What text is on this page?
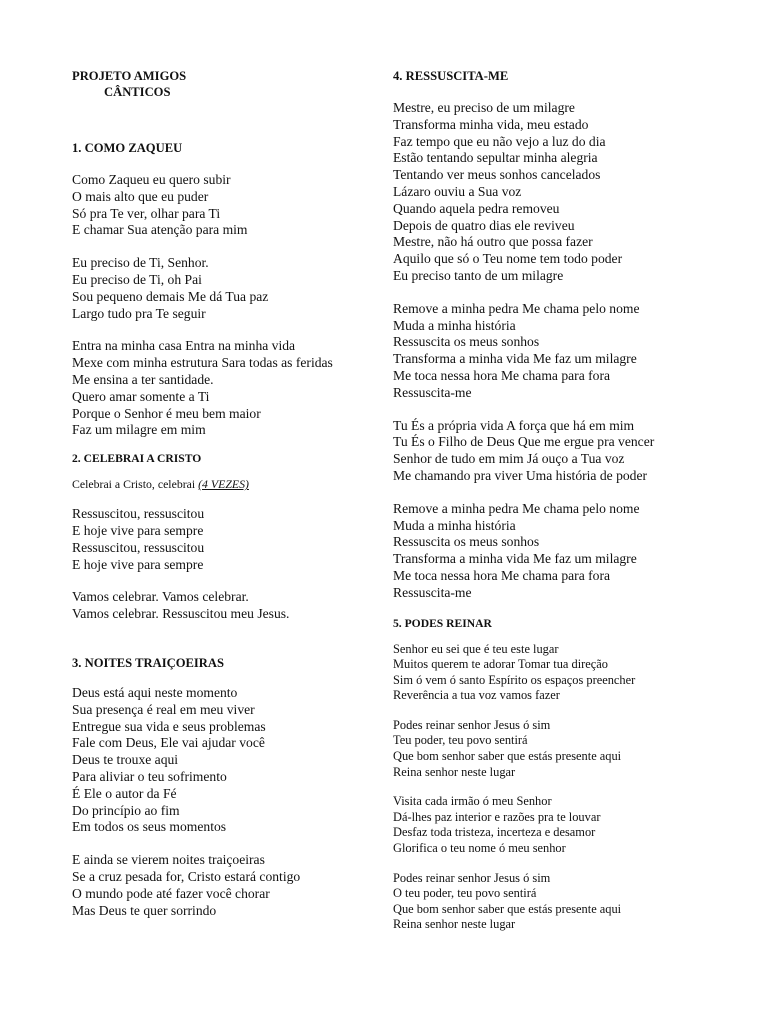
PROJETO AMIGOS
CÂNTICOS
1. COMO ZAQUEU
Como Zaqueu eu quero subir
O mais alto que eu puder
Só pra Te ver, olhar para Ti
E chamar Sua atenção para mim
Eu preciso de Ti, Senhor.
Eu preciso de Ti, oh Pai
Sou pequeno demais Me dá Tua paz
Largo tudo pra Te seguir
Entra na minha casa Entra na minha vida
Mexe com minha estrutura Sara todas as feridas
Me ensina a ter santidade.
Quero amar somente a Ti
Porque o Senhor é meu bem maior
Faz um milagre em mim
2. CELEBRAI A CRISTO
Celebrai a Cristo, celebrai (4 VEZES)
Ressuscitou, ressuscitou
E hoje vive para sempre
Ressuscitou, ressuscitou
E hoje vive para sempre
Vamos celebrar. Vamos celebrar.
Vamos celebrar. Ressuscitou meu Jesus.
3. NOITES TRAIÇOEIRAS
Deus está aqui neste momento
Sua presença é real em meu viver
Entregue sua vida e seus problemas
Fale com Deus, Ele vai ajudar você
Deus te trouxe aqui
Para aliviar o teu sofrimento
É Ele o autor da Fé
Do princípio ao fim
Em todos os seus momentos
E ainda se vierem noites traiçoeiras
Se a cruz pesada for, Cristo estará contigo
O mundo pode até fazer você chorar
Mas Deus te quer sorrindo
4. RESSUSCITA-ME
Mestre, eu preciso de um milagre
Transforma minha vida, meu estado
Faz tempo que eu não vejo a luz do dia
Estão tentando sepultar minha alegria
Tentando ver meus sonhos cancelados
Lázaro ouviu a Sua voz
Quando aquela pedra removeu
Depois de quatro dias ele reviveu
Mestre, não há outro que possa fazer
Aquilo que só o Teu nome tem todo poder
Eu preciso tanto de um milagre
Remove a minha pedra Me chama pelo nome
Muda a minha história
Ressuscita os meus sonhos
Transforma a minha vida Me faz um milagre
Me toca nessa hora Me chama para fora
Ressuscita-me
Tu És a própria vida A força que há em mim
Tu És o Filho de Deus Que me ergue pra vencer
Senhor de tudo em mim Já ouço a Tua voz
Me chamando pra viver Uma história de poder
Remove a minha pedra Me chama pelo nome
Muda a minha história
Ressuscita os meus sonhos
Transforma a minha vida Me faz um milagre
Me toca nessa hora Me chama para fora
Ressuscita-me
5. PODES REINAR
Senhor eu sei que é teu este lugar
Muitos querem te adorar Tomar tua direção
Sim ó vem ó santo Espírito os espaços preencher
Reverência a tua voz vamos fazer
Podes reinar senhor Jesus ó sim
Teu poder, teu povo sentirá
Que bom senhor saber que estás presente aqui
Reina senhor neste lugar
Visita cada irmão ó meu Senhor
Dá-lhes paz interior e razões pra te louvar
Desfaz toda tristeza, incerteza e desamor
Glorifica o teu nome ó meu senhor
Podes reinar senhor Jesus ó sim
O teu poder, teu povo sentirá
Que bom senhor saber que estás presente aqui
Reina senhor neste lugar
